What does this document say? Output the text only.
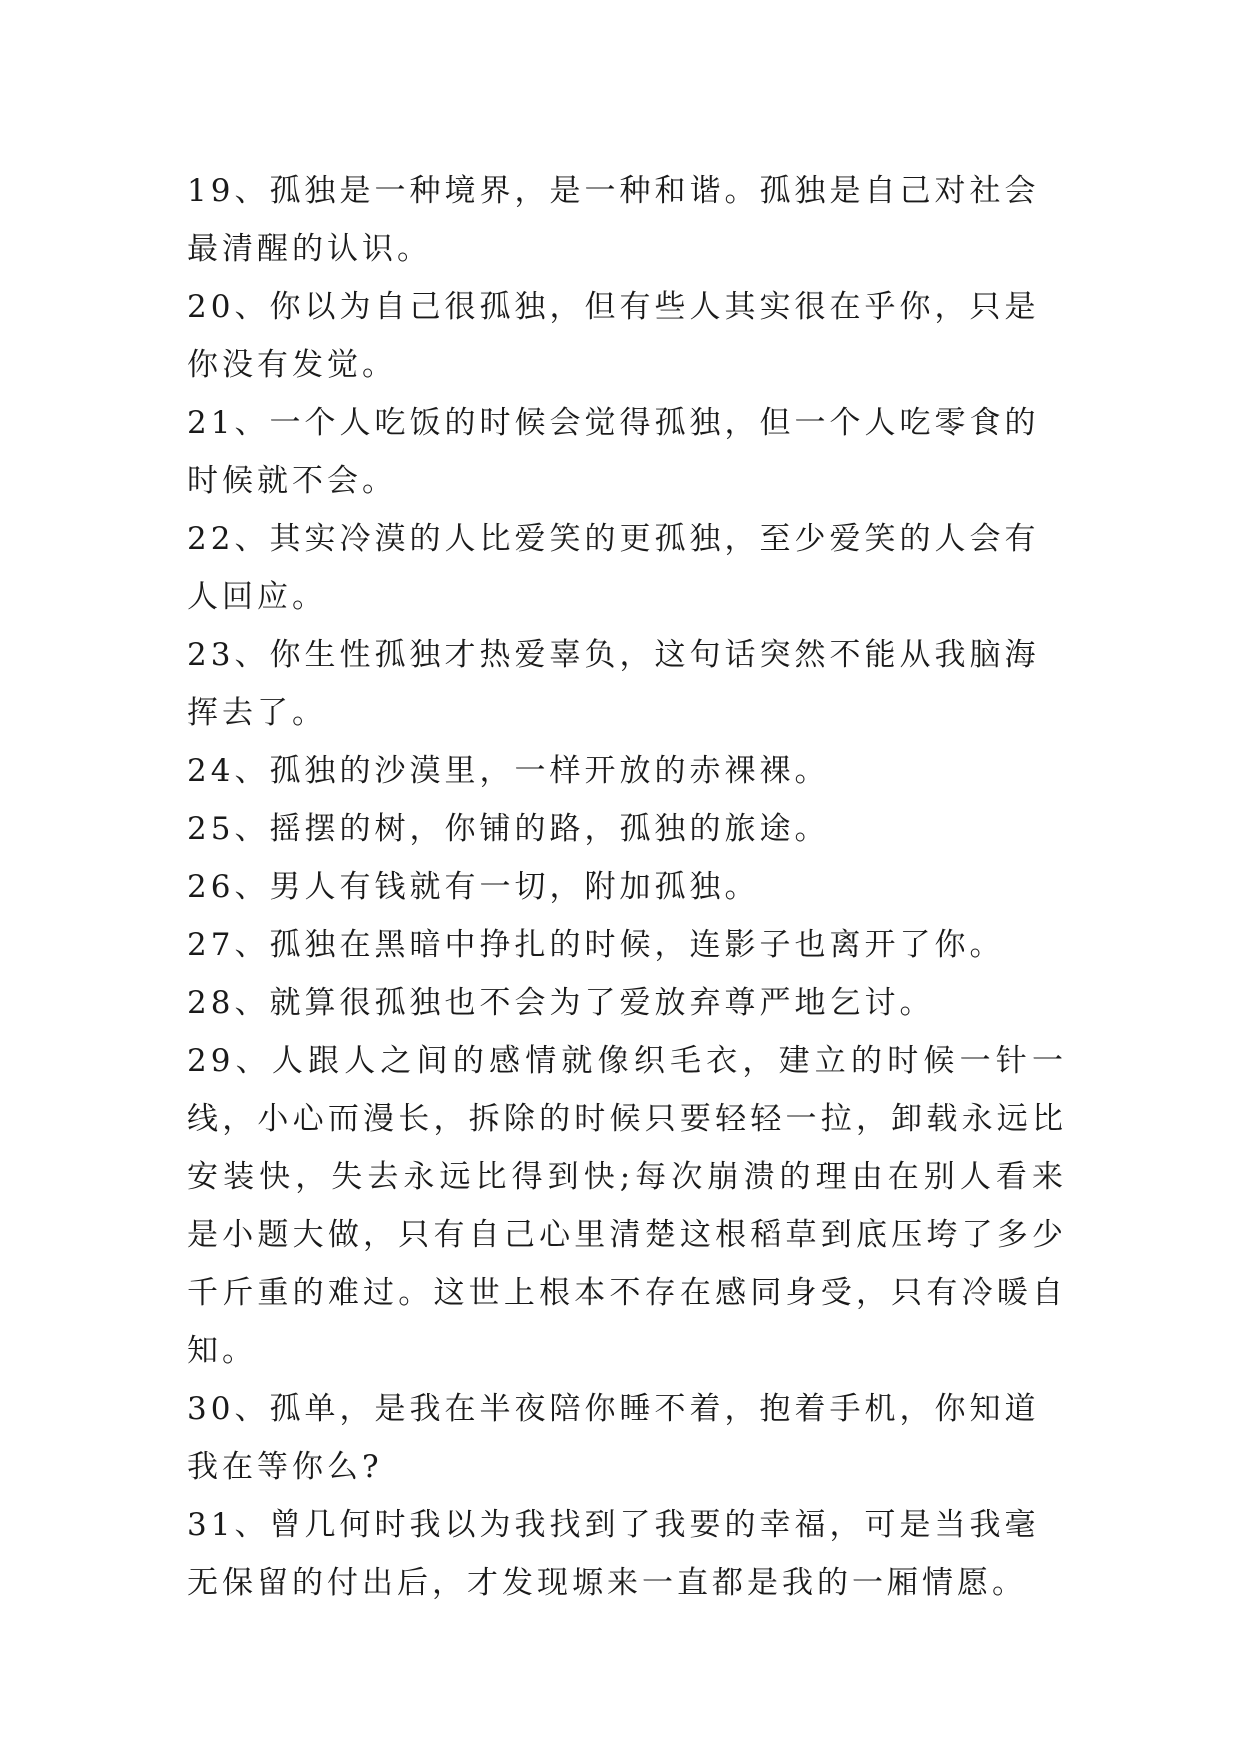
19、孤独是一种境界，是一种和谐。孤独是自己对社会最清醒的认识。

20、你以为自己很孤独，但有些人其实很在乎你，只是你没有发觉。

21、一个人吃饭的时候会觉得孤独，但一个人吃零食的时候就不会。

22、其实冷漠的人比爱笑的更孤独，至少爱笑的人会有人回应。

23、你生性孤独才热爱辜负，这句话突然不能从我脑海挥去了。

24、孤独的沙漠里，一样开放的赤裸裸。

25、摇摆的树，你铺的路，孤独的旅途。

26、男人有钱就有一切，附加孤独。

27、孤独在黑暗中挣扎的时候，连影子也离开了你。

28、就算很孤独也不会为了爱放弃尊严地乞讨。

29、人跟人之间的感情就像织毛衣，建立的时候一针一线，小心而漫长，拆除的时候只要轻轻一拉，卸载永远比安装快，失去永远比得到快;每次崩溃的理由在别人看来是小题大做，只有自己心里清楚这根稻草到底压垮了多少千斤重的难过。这世上根本不存在感同身受，只有冷暖自知。

30、孤单，是我在半夜陪你睡不着，抱着手机，你知道我在等你么?

31、曾几何时我以为我找到了我要的幸福，可是当我毫无保留的付出后，才发现塬来一直都是我的一厢情愿。
